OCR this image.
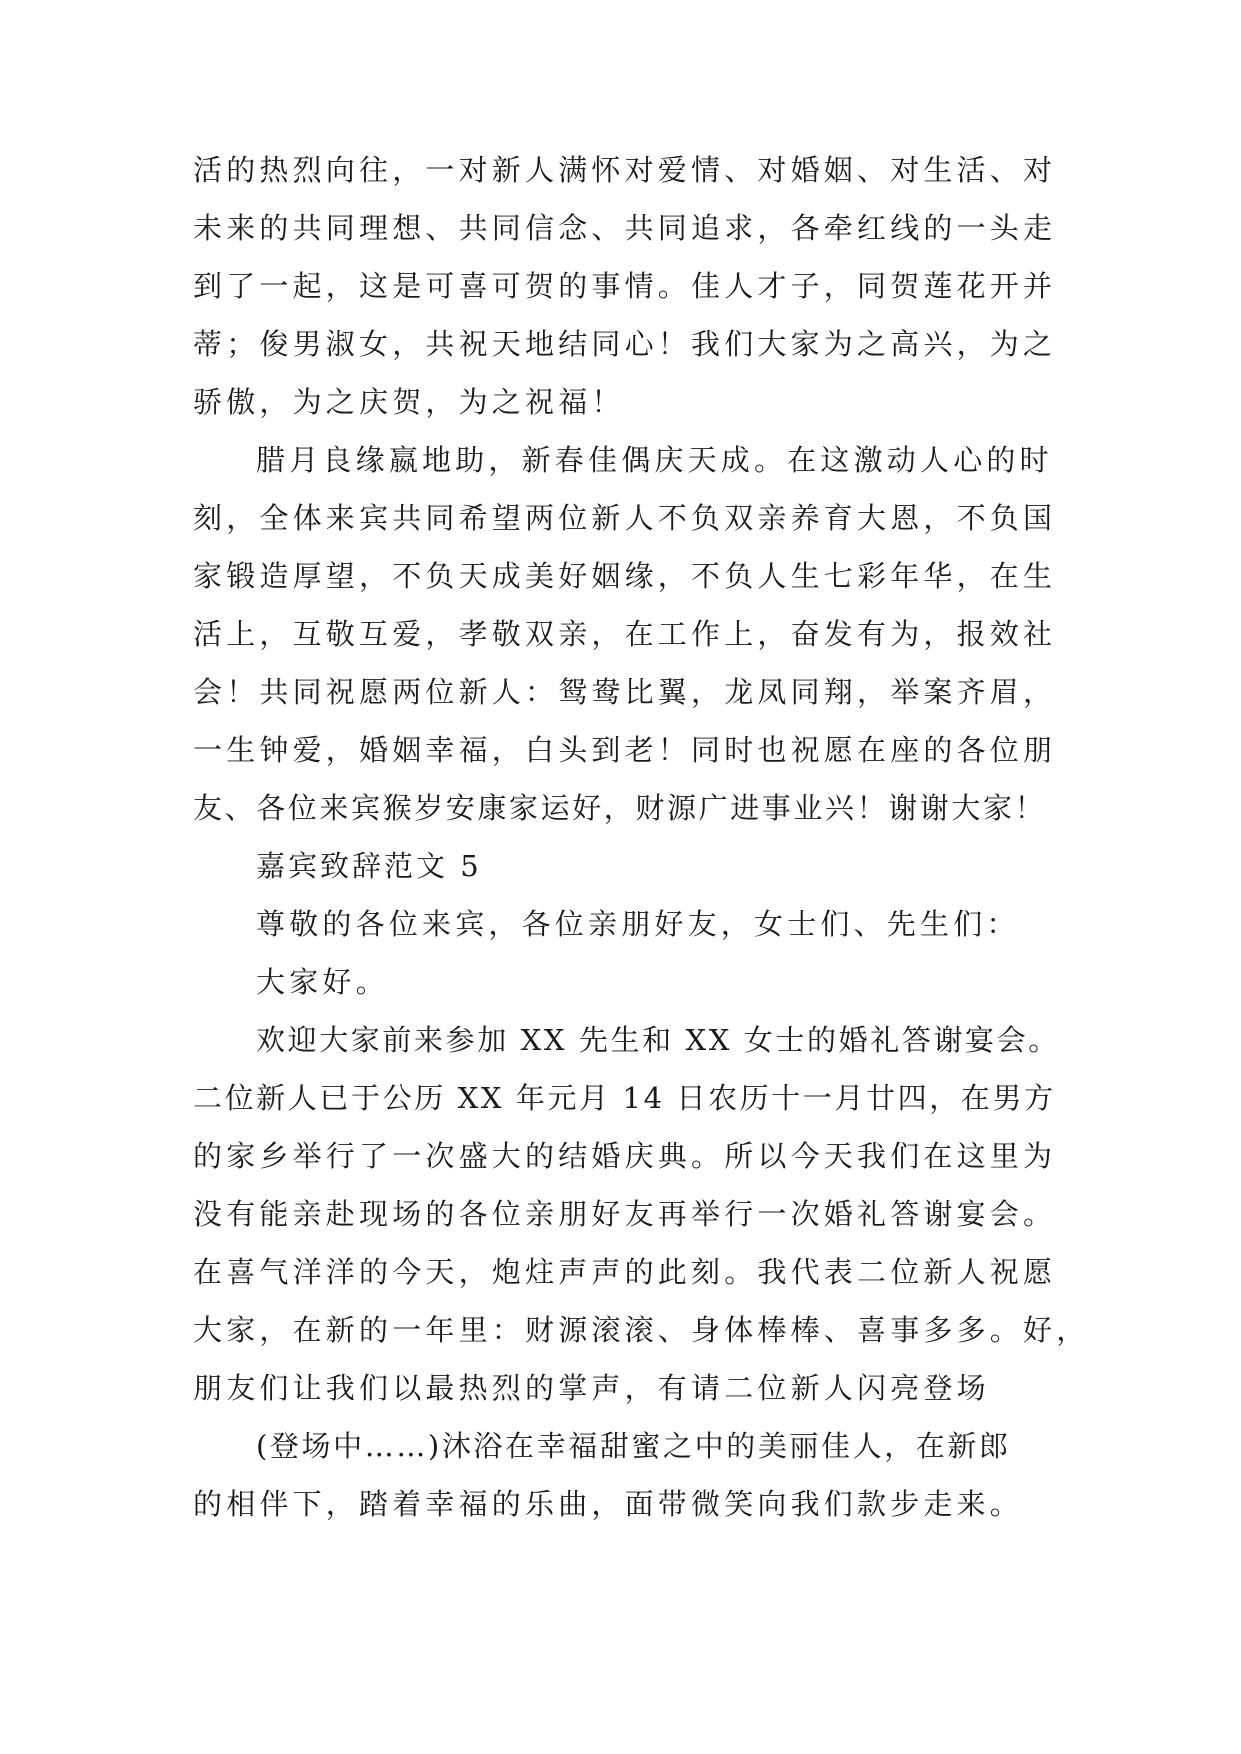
活的热烈向往，一对新人满怀对爱情、对婚姻、对生活、对
未来的共同理想、共同信念、共同追求，各牵红线的一头走
到了一起，这是可喜可贺的事情。佳人才子，同贺莲花开并
蒂；俊男淑女，共祝天地结同心！我们大家为之高兴，为之
骄傲，为之庆贺，为之祝福！
腊月良缘嬴地助，新春佳偶庆天成。在这激动人心的时
刻，全体来宾共同希望两位新人不负双亲养育大恩，不负国
家锻造厚望，不负天成美好姻缘，不负人生七彩年华，在生
活上，互敬互爱，孝敬双亲，在工作上，奋发有为，报效社
会！共同祝愿两位新人：鸳鸯比翼，龙凤同翔，举案齐眉，
一生钟爱，婚姻幸福，白头到老！同时也祝愿在座的各位朋
友、各位来宾猴岁安康家运好，财源广进事业兴！谢谢大家！
嘉宾致辞范文 5
尊敬的各位来宾，各位亲朋好友，女士们、先生们：
大家好。
欢迎大家前来参加 XX 先生和 XX 女士的婚礼答谢宴会。
二位新人已于公历 XX 年元月 14 日农历十一月廿四，在男方
的家乡举行了一次盛大的结婚庆典。所以今天我们在这里为
没有能亲赴现场的各位亲朋好友再举行一次婚礼答谢宴会。
在喜气洋洋的今天，炮炷声声的此刻。我代表二位新人祝愿
大家，在新的一年里：财源滚滚、身体棒棒、喜事多多。好，
朋友们让我们以最热烈的掌声，有请二位新人闪亮登场
(登场中……)沐浴在幸福甜蜜之中的美丽佳人，在新郎
的相伴下，踏着幸福的乐曲，面带微笑向我们款步走来。
